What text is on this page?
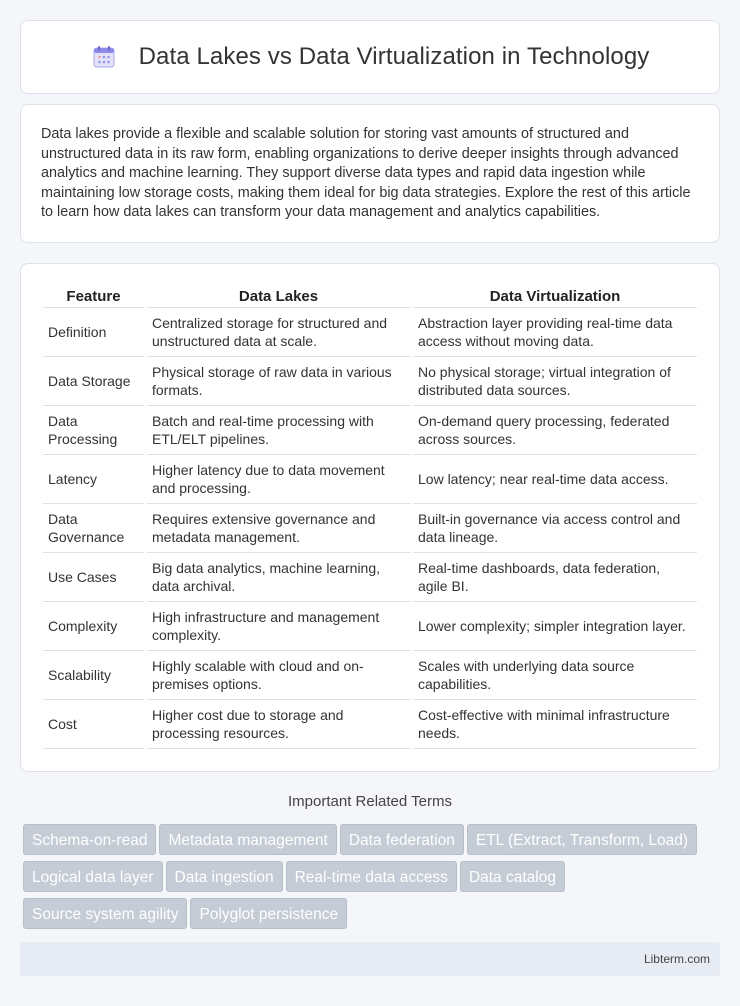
Data Lakes vs Data Virtualization in Technology

Data lakes provide a flexible and scalable solution for storing vast amounts of structured and unstructured data in its raw form, enabling organizations to derive deeper insights through advanced analytics and machine learning. They support diverse data types and rapid data ingestion while maintaining low storage costs, making them ideal for big data strategies. Explore the rest of this article to learn how data lakes can transform your data management and analytics capabilities.

Feature	Data Lakes	Data Virtualization
Definition	Centralized storage for structured and unstructured data at scale.	Abstraction layer providing real-time data access without moving data.
Data Storage	Physical storage of raw data in various formats.	No physical storage; virtual integration of distributed data sources.
Data Processing	Batch and real-time processing with ETL/ELT pipelines.	On-demand query processing, federated across sources.
Latency	Higher latency due to data movement and processing.	Low latency; near real-time data access.
Data Governance	Requires extensive governance and metadata management.	Built-in governance via access control and data lineage.
Use Cases	Big data analytics, machine learning, data archival.	Real-time dashboards, data federation, agile BI.
Complexity	High infrastructure and management complexity.	Lower complexity; simpler integration layer.
Scalability	Highly scalable with cloud and on-premises options.	Scales with underlying data source capabilities.
Cost	Higher cost due to storage and processing resources.	Cost-effective with minimal infrastructure needs.
Important Related Terms
Schema-on-read Metadata management Data federation ETL (Extract, Transform, Load)Logical data layer Data ingestion Real-time data access Data catalogSource system agility Polyglot persistence
Libterm.com
